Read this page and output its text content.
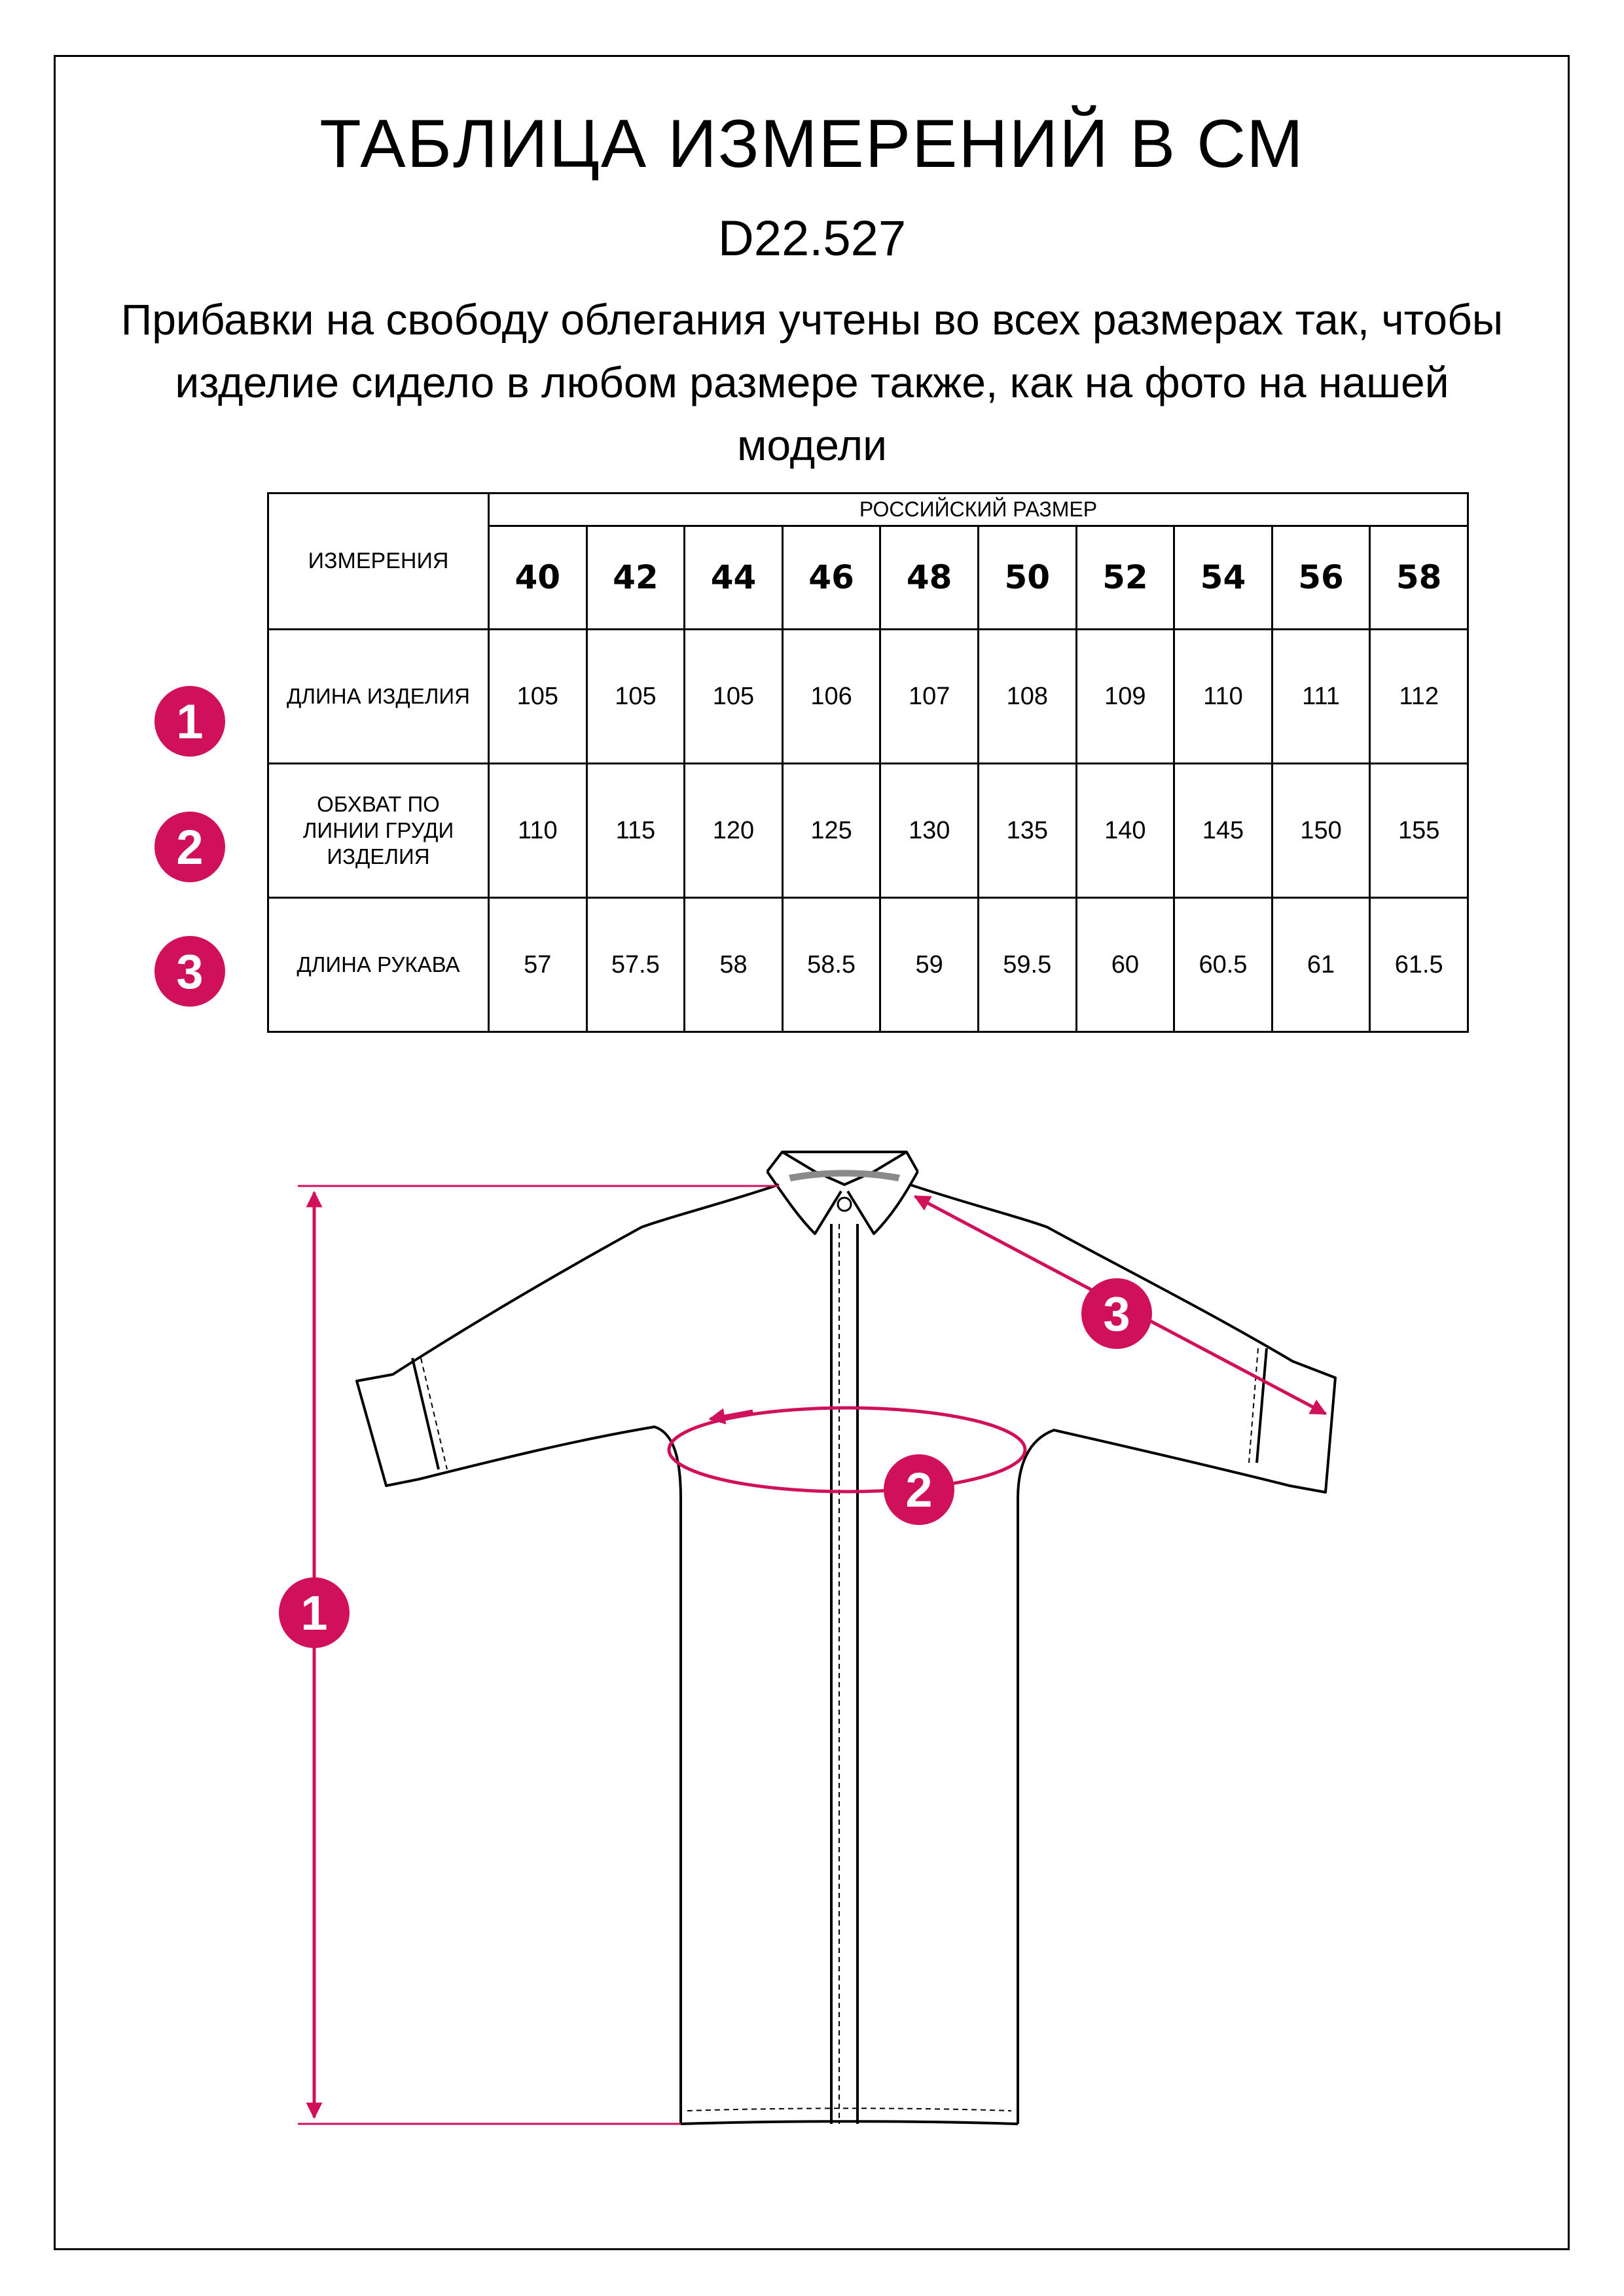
ТАБЛИЦА ИЗМЕРЕНИЙ В СМ
D22.527
Прибавки на свободу облегания учтены во всех размерах так, чтобы изделие сидело в любом размере также, как на фото на нашей модели
ИЗМЕРЕНИЯ	РОССИЙСКИЙ РАЗМЕР									
	40	42	44	46	48	50	52	54	56	58
ДЛИНА ИЗДЕЛИЯ	105	105	105	106	107	108	109	110	111	112
ОБХВАТ ПО ЛИНИИ ГРУДИ ИЗДЕЛИЯ	110	115	120	125	130	135	140	145	150	155
ДЛИНА РУКАВА	57	57.5	58	58.5	59	59.5	60	60.5	61	61.5
1
2
3
1
2
3
